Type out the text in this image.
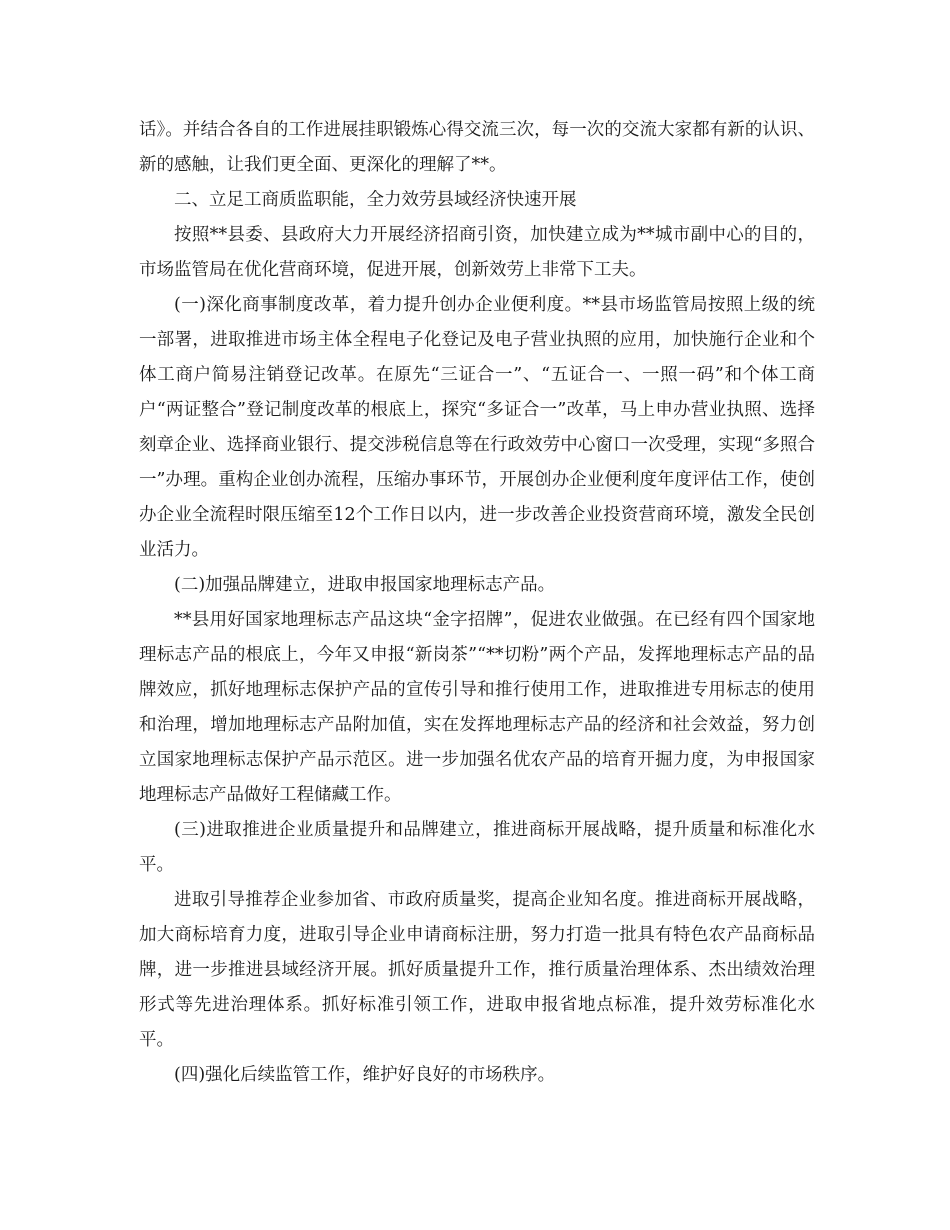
话》。并结合各自的工作进展挂职锻炼心得交流三次，每一次的交流大家都有新的认识、新的感触，让我们更全面、更深化的理解了**。

二、立足工商质监职能，全力效劳县域经济快速开展

按照**县委、县政府大力开展经济招商引资，加快建立成为**城市副中心的目的，市场监管局在优化营商环境，促进开展，创新效劳上非常下工夫。

(一)深化商事制度改革，着力提升创办企业便利度。**县市场监管局按照上级的统一部署，进取推进市场主体全程电子化登记及电子营业执照的应用，加快施行企业和个体工商户简易注销登记改革。在原先“三证合一”、“五证合一、一照一码”和个体工商户“两证整合”登记制度改革的根底上，探究“多证合一”改革，马上申办营业执照、选择刻章企业、选择商业银行、提交涉税信息等在行政效劳中心窗口一次受理，实现“多照合一”办理。重构企业创办流程，压缩办事环节，开展创办企业便利度年度评估工作，使创办企业全流程时限压缩至12个工作日以内，进一步改善企业投资营商环境，激发全民创业活力。

(二)加强品牌建立，进取申报国家地理标志产品。

**县用好国家地理标志产品这块“金字招牌”，促进农业做强。在已经有四个国家地理标志产品的根底上，今年又申报“新岗茶”“**切粉”两个产品，发挥地理标志产品的品牌效应，抓好地理标志保护产品的宣传引导和推行使用工作，进取推进专用标志的使用和治理，增加地理标志产品附加值，实在发挥地理标志产品的经济和社会效益，努力创立国家地理标志保护产品示范区。进一步加强名优农产品的培育开掘力度，为申报国家地理标志产品做好工程储藏工作。

(三)进取推进企业质量提升和品牌建立，推进商标开展战略，提升质量和标准化水平。

进取引导推荐企业参加省、市政府质量奖，提高企业知名度。推进商标开展战略，加大商标培育力度，进取引导企业申请商标注册，努力打造一批具有特色农产品商标品牌，进一步推进县域经济开展。抓好质量提升工作，推行质量治理体系、杰出绩效治理形式等先进治理体系。抓好标准引领工作，进取申报省地点标准，提升效劳标准化水平。

(四)强化后续监管工作，维护好良好的市场秩序。
